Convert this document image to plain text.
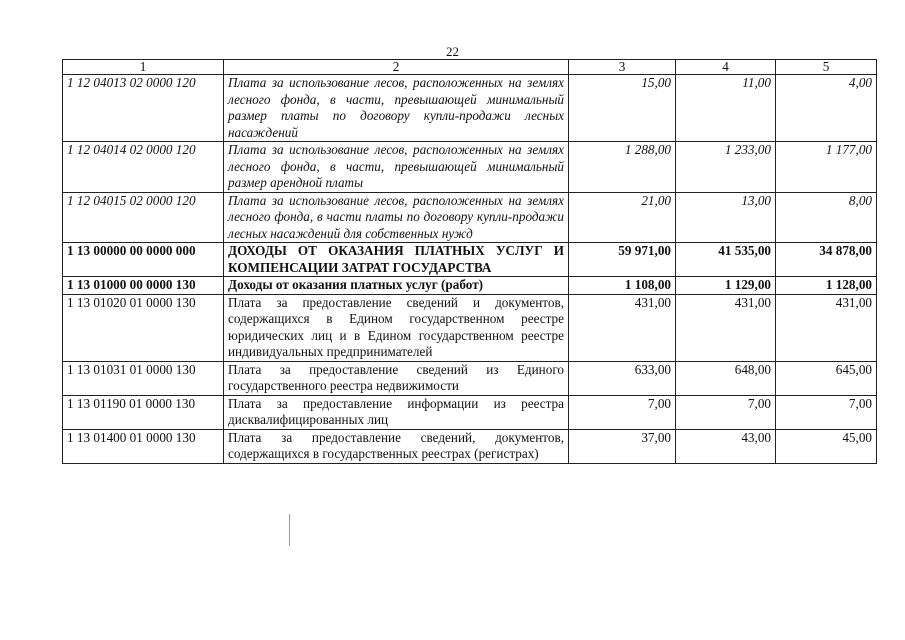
22
1	2	3	4	5
1 12 04013 02 0000 120	Плата за использование лесов, расположенных на землях лесного фонда, в части, превышающей минимальный размер платы по договору купли-продажи лесных насаждений	15,00	11,00	4,00
1 12 04014 02 0000 120	Плата за использование лесов, расположенных на землях лесного фонда, в части, превышающей минимальный размер арендной платы	1 288,00	1 233,00	1 177,00
1 12 04015 02 0000 120	Плата за использование лесов, расположенных на землях лесного фонда, в части платы по договору купли-продажи лесных насаждений для собственных нужд	21,00	13,00	8,00
1 13 00000 00 0000 000	ДОХОДЫ ОТ ОКАЗАНИЯ ПЛАТНЫХ УСЛУГ И КОМПЕНСАЦИИ ЗАТРАТ ГОСУДАРСТВА	59 971,00	41 535,00	34 878,00
1 13 01000 00 0000 130	Доходы от оказания платных услуг (работ)	1 108,00	1 129,00	1 128,00
1 13 01020 01 0000 130	Плата за предоставление сведений и документов, содержащихся в Едином государственном реестре юридических лиц и в Едином государственном реестре индивидуальных предпринимателей	431,00	431,00	431,00
1 13 01031 01 0000 130	Плата за предоставление сведений из Единого государственного реестра недвижимости	633,00	648,00	645,00
1 13 01190 01 0000 130	Плата за предоставление информации из реестра дисквалифицированных лиц	7,00	7,00	7,00
1 13 01400 01 0000 130	Плата за предоставление сведений, документов, содержащихся в государственных реестрах (регистрах)	37,00	43,00	45,00
